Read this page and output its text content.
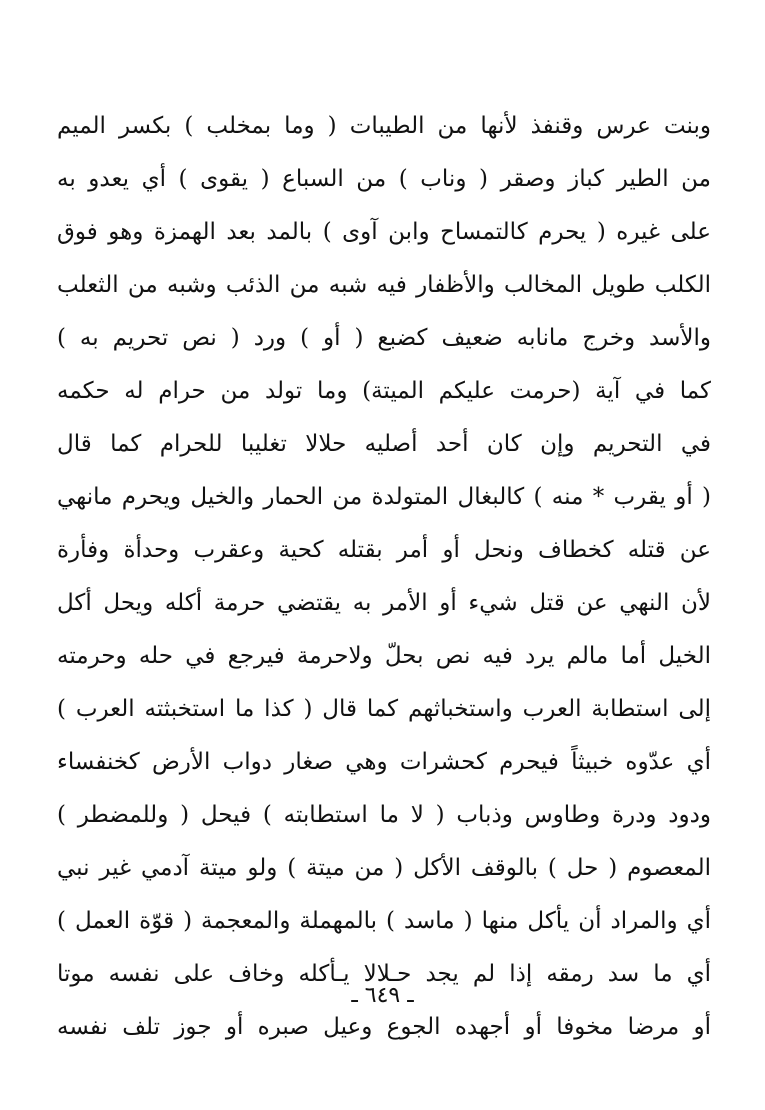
وبنت عرس وقنفذ لأنها من الطيبات ( وما بمخلب ) بكسر الميم
من الطير كباز وصقر ( وناب ) من السباع ( يقوى ) أي يعدو به
على غيره ( يحرم كالتمساح وابن آوى ) بالمد بعد الهمزة وهو فوق
الكلب طويل المخالب والأظفار فيه شبه من الذئب وشبه من الثعلب
والأسد وخرج مانابه ضعيف كضبع ( أو ) ورد ( نص تحريم به )
كما في آية (حرمت عليكم الميتة) وما تولد من حرام له حكمه
في التحريم وإن كان أحد أصليه حلالا تغليبا للحرام كما قال
( أو يقرب * منه ) كالبغال المتولدة من الحمار والخيل ويحرم مانهي
عن قتله كخطاف ونحل أو أمر بقتله كحية وعقرب وحدأة وفأرة
لأن النهي عن قتل شيء أو الأمر به يقتضي حرمة أكله ويحل أكل
الخيل أما مالم يرد فيه نص بحلّ ولاحرمة فيرجع في حله وحرمته
إلى استطابة العرب واستخباثهم كما قال ( كذا ما استخبثته العرب )
أي عدّوه خبيثاً فيحرم كحشرات وهي صغار دواب الأرض كخنفساء
ودود ودرة وطاوس وذباب ( لا ما استطابته ) فيحل ( وللمضطر )
المعصوم ( حل ) بالوقف الأكل ( من ميتة ) ولو ميتة آدمي غير نبي
أي والمراد أن يأكل منها ( ماسد ) بالمهملة والمعجمة ( قوّة العمل )
أي ما سد رمقه إذا لم يجد حـلالا يـأكله وخاف على نفسه موتا
أو مرضا مخوفا أو أجهده الجوع وعيل صبره أو جوز تلف نفسه
ـ ٦٤٩ ـ
